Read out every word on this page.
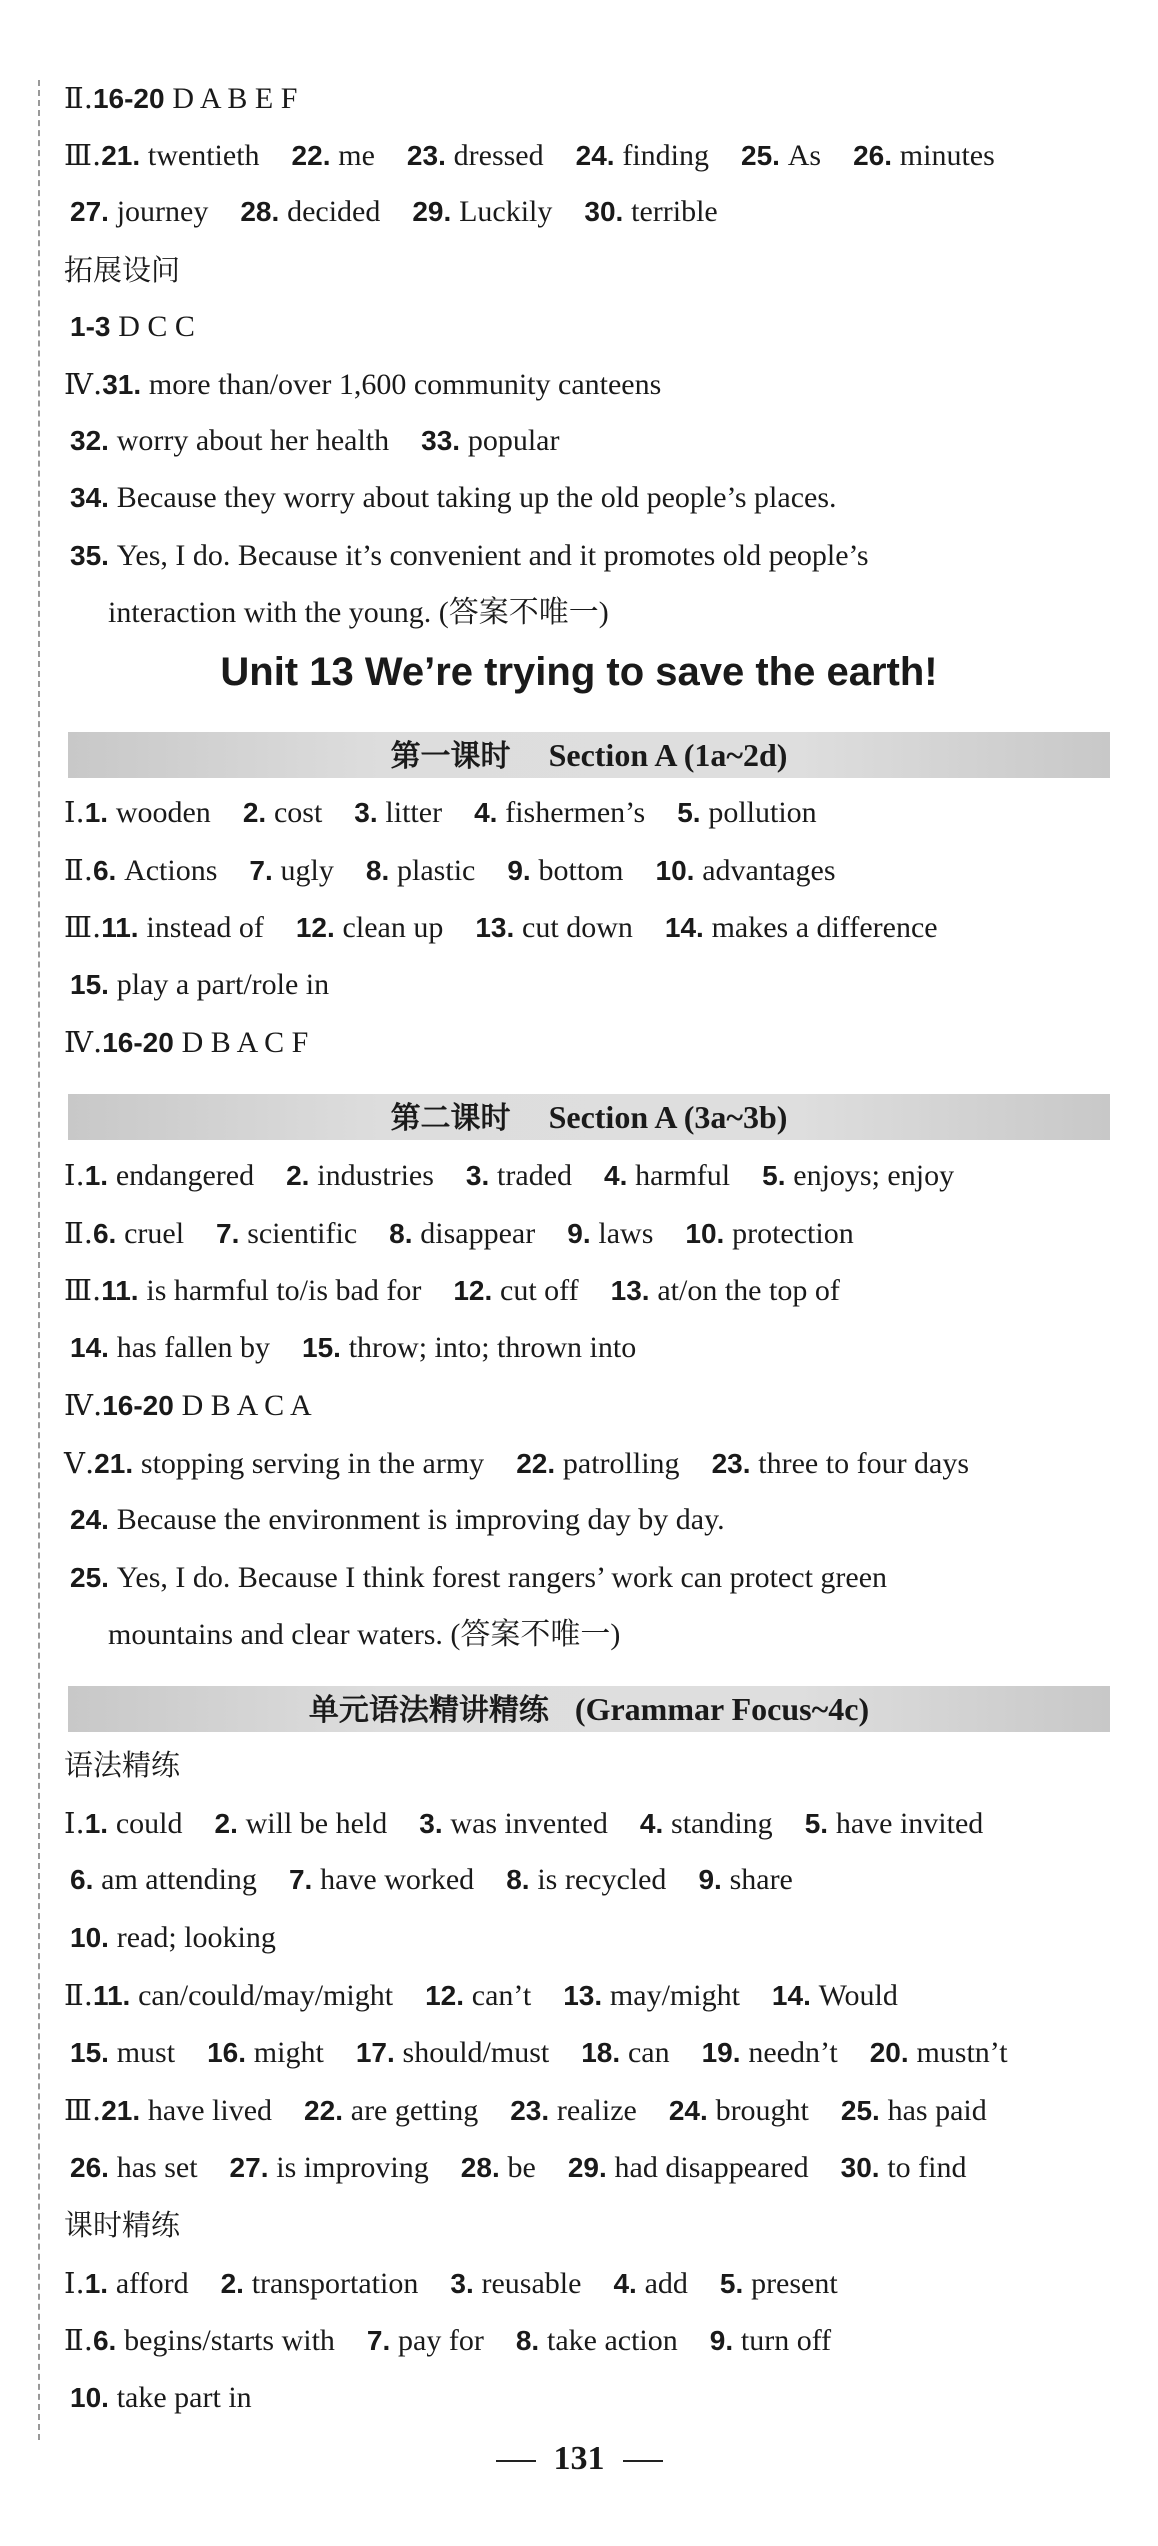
Ⅱ.16-20 D A B E F
Ⅲ.21. twentieth 22. me 23. dressed 24. finding 25. As 26. minutes
27. journey 28. decided 29. Luckily 30. terrible
拓展设问
1-3 D C C
Ⅳ.31. more than/over 1,600 community canteens
32. worry about her health 33. popular
34. Because they worry about taking up the old people’s places.
35. Yes, I do. Because it’s convenient and it promotes old people’s
interaction with the young. (答案不唯一)
Unit 13 We’re trying to save the earth!
第一课时 Section A (1a~2d)
Ⅰ.1. wooden 2. cost 3. litter 4. fishermen’s 5. pollution
Ⅱ.6. Actions 7. ugly 8. plastic 9. bottom 10. advantages
Ⅲ.11. instead of 12. clean up 13. cut down 14. makes a difference
15. play a part/role in
Ⅳ.16-20 D B A C F
第二课时 Section A (3a~3b)
Ⅰ.1. endangered 2. industries 3. traded 4. harmful 5. enjoys; enjoy
Ⅱ.6. cruel 7. scientific 8. disappear 9. laws 10. protection
Ⅲ.11. is harmful to/is bad for 12. cut off 13. at/on the top of
14. has fallen by 15. throw; into; thrown into
Ⅳ.16-20 D B A C A
Ⅴ.21. stopping serving in the army 22. patrolling 23. three to four days
24. Because the environment is improving day by day.
25. Yes, I do. Because I think forest rangers’ work can protect green
mountains and clear waters. (答案不唯一)
单元语法精讲精练 (Grammar Focus~4c)
语法精练
Ⅰ.1. could 2. will be held 3. was invented 4. standing 5. have invited
6. am attending 7. have worked 8. is recycled 9. share
10. read; looking
Ⅱ.11. can/could/may/might 12. can’t 13. may/might 14. Would
15. must 16. might 17. should/must 18. can 19. needn’t 20. mustn’t
Ⅲ.21. have lived 22. are getting 23. realize 24. brought 25. has paid
26. has set 27. is improving 28. be 29. had disappeared 30. to find
课时精练
Ⅰ.1. afford 2. transportation 3. reusable 4. add 5. present
Ⅱ.6. begins/starts with 7. pay for 8. take action 9. turn off
10. take part in
131
